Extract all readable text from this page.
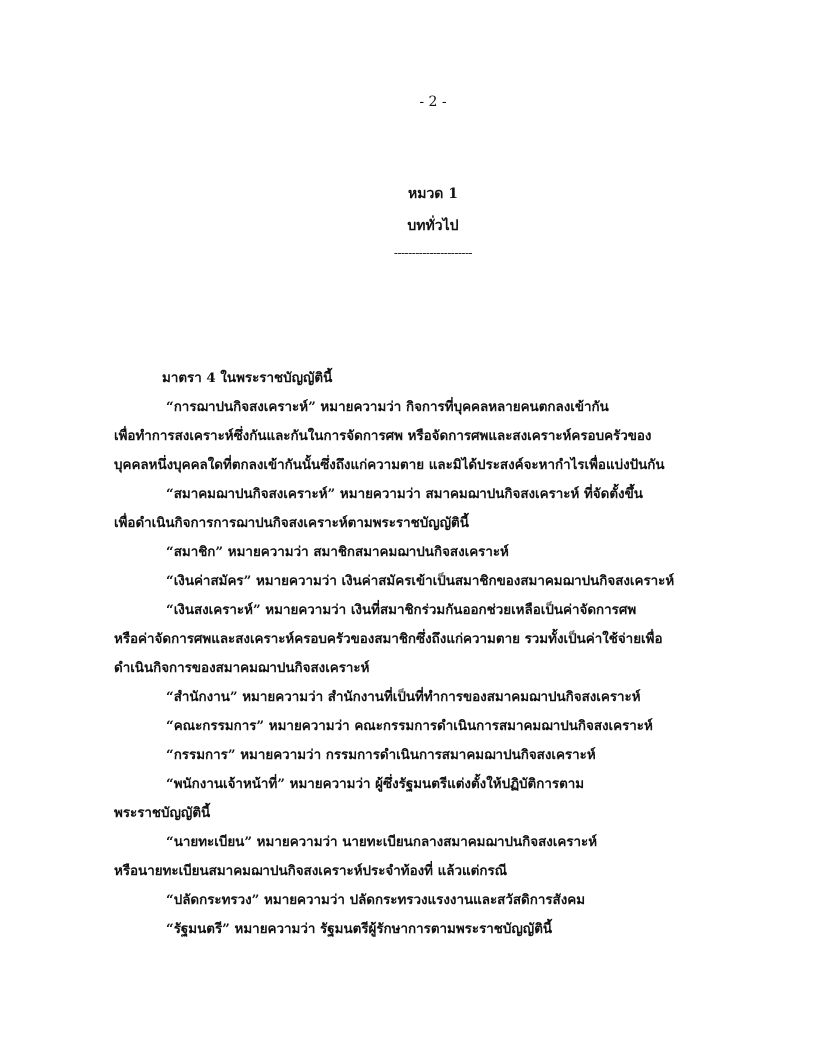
- 2 -
หมวด 1
บททั่วไป
----------------------
มาตรา 4 ในพระราชบัญญัตินี้
“การฌาปนกิจสงเคราะห์” หมายความว่า กิจการที่บุคคลหลายคนตกลงเข้ากัน
เพื่อทำการสงเคราะห์ซึ่งกันและกันในการจัดการศพ หรือจัดการศพและสงเคราะห์ครอบครัวของ
บุคคลหนึ่งบุคคลใดที่ตกลงเข้ากันนั้นซึ่งถึงแก่ความตาย และมิได้ประสงค์จะหากำไรเพื่อแบ่งปันกัน
“สมาคมฌาปนกิจสงเคราะห์” หมายความว่า สมาคมฌาปนกิจสงเคราะห์ ที่จัดตั้งขึ้น
เพื่อดำเนินกิจการการฌาปนกิจสงเคราะห์ตามพระราชบัญญัตินี้
“สมาชิก” หมายความว่า สมาชิกสมาคมฌาปนกิจสงเคราะห์
“เงินค่าสมัคร” หมายความว่า เงินค่าสมัครเข้าเป็นสมาชิกของสมาคมฌาปนกิจสงเคราะห์
“เงินสงเคราะห์” หมายความว่า เงินที่สมาชิกร่วมกันออกช่วยเหลือเป็นค่าจัดการศพ
หรือค่าจัดการศพและสงเคราะห์ครอบครัวของสมาชิกซึ่งถึงแก่ความตาย รวมทั้งเป็นค่าใช้จ่ายเพื่อ
ดำเนินกิจการของสมาคมฌาปนกิจสงเคราะห์
“สำนักงาน” หมายความว่า สำนักงานที่เป็นที่ทำการของสมาคมฌาปนกิจสงเคราะห์
“คณะกรรมการ” หมายความว่า คณะกรรมการดำเนินการสมาคมฌาปนกิจสงเคราะห์
“กรรมการ” หมายความว่า กรรมการดำเนินการสมาคมฌาปนกิจสงเคราะห์
“พนักงานเจ้าหน้าที่” หมายความว่า ผู้ซึ่งรัฐมนตรีแต่งตั้งให้ปฏิบัติการตาม
พระราชบัญญัตินี้
“นายทะเบียน” หมายความว่า นายทะเบียนกลางสมาคมฌาปนกิจสงเคราะห์
หรือนายทะเบียนสมาคมฌาปนกิจสงเคราะห์ประจำท้องที่ แล้วแต่กรณี
“ปลัดกระทรวง” หมายความว่า ปลัดกระทรวงแรงงานและสวัสดิการสังคม
“รัฐมนตรี” หมายความว่า รัฐมนตรีผู้รักษาการตามพระราชบัญญัตินี้
